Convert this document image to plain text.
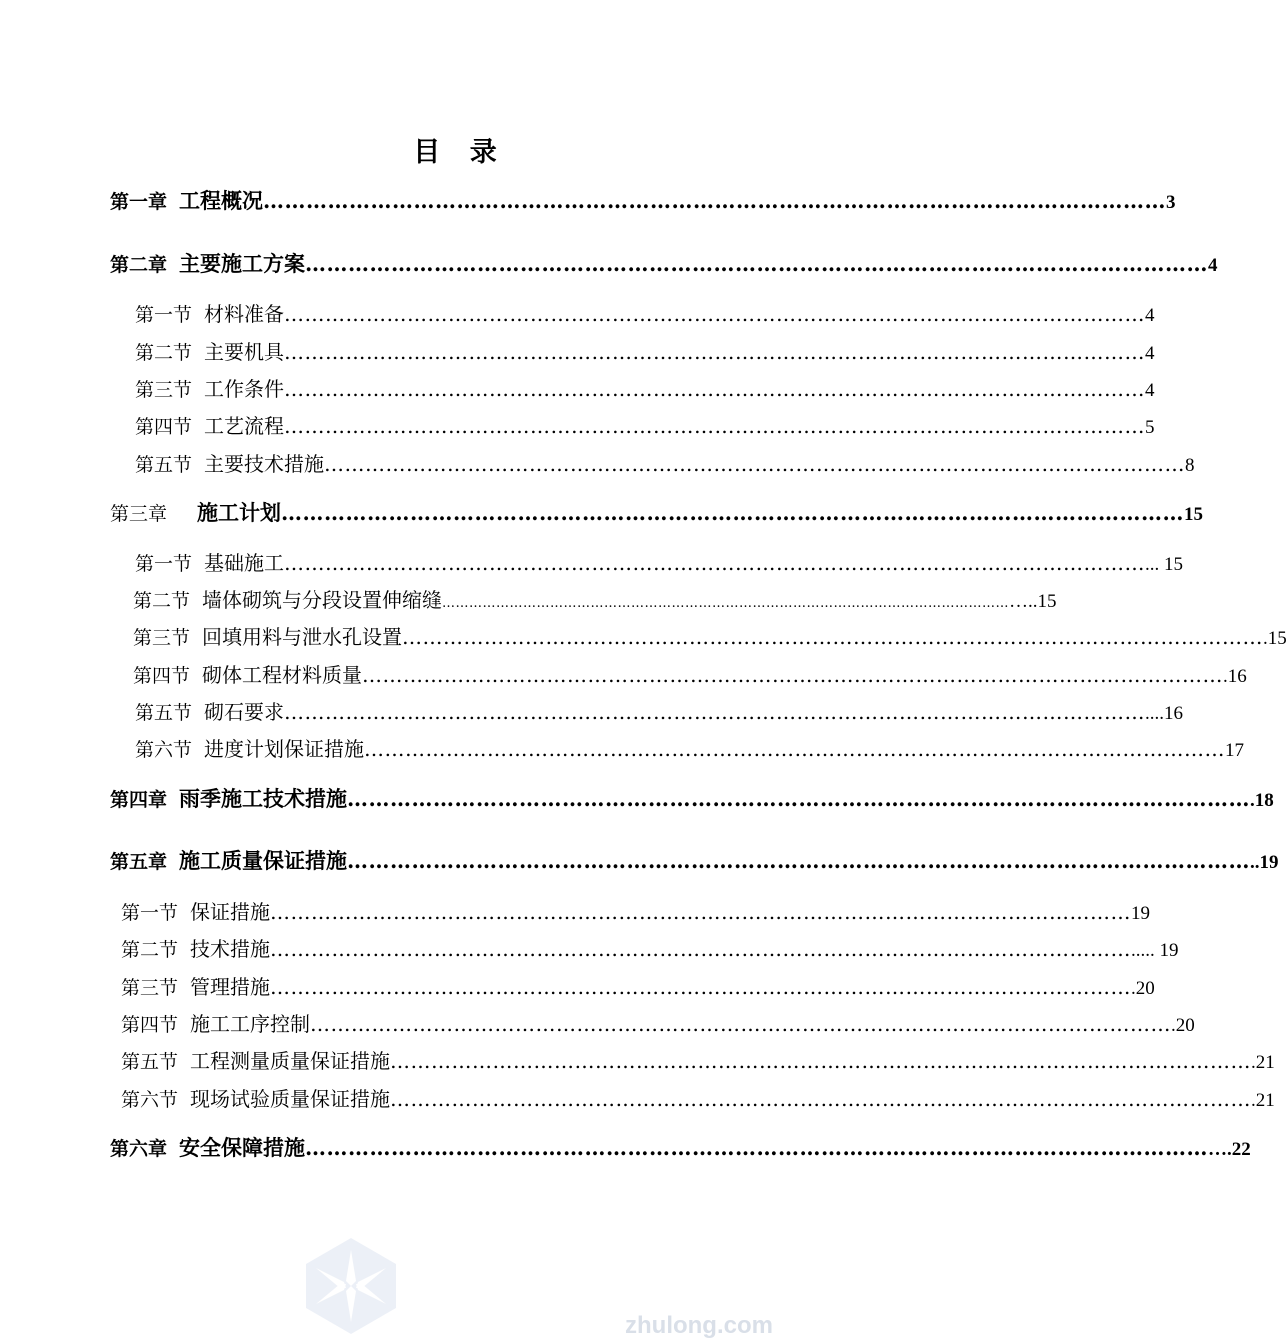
目 录
第一章 工程概况 ……………………………………………………………………………………………………………… 3
第二章 主要施工方案 ……………………………………………………………………………………………………………… 4
第一节 材料准备 ……………………………………………………………………………………………………………… 4
第二节 主要机具 ……………………………………………………………………………………………………………… 4
第三节 工作条件 ……………………………………………………………………………………………………………… 4
第四节 工艺流程 ……………………………………………………………………………………………………………… 5
第五节 主要技术措施 ……………………………………………………………………………………………………………… 8
第三章 施工计划 ……………………………………………………………………………………………………………… 15
第一节 基础施工 ……………………………………………………………………………………………………………… ... 15
第二节 墙体砌筑与分段设置伸缩缝 ……………………………………………………………………………………………………………… …..15
第三节 回填用料与泄水孔设置 ……………………………………………………………………………………………………………… .15
第四节 砌体工程材料质量 ……………………………………………………………………………………………………………… .16
第五节 砌石要求 ……………………………………………………………………………………………………………… ....16
第六节 进度计划保证措施 ……………………………………………………………………………………………………………… 17
第四章 雨季施工技术措施 ……………………………………………………………………………………………………………… .18
第五章 施工质量保证措施 ……………………………………………………………………………………………………………… ..19
第一节 保证措施 ……………………………………………………………………………………………………………… 19
第二节 技术措施 ……………………………………………………………………………………………………………… ..... 19
第三节 管理措施 ……………………………………………………………………………………………………………… .20
第四节 施工工序控制 ……………………………………………………………………………………………………………… .20
第五节 工程测量质量保证措施 ……………………………………………………………………………………………………………… .21
第六节 现场试验质量保证措施 ……………………………………………………………………………………………………………… .21
第六章 安全保障措施 ……………………………………………………………………………………………………………… ….22
zhulong.com
